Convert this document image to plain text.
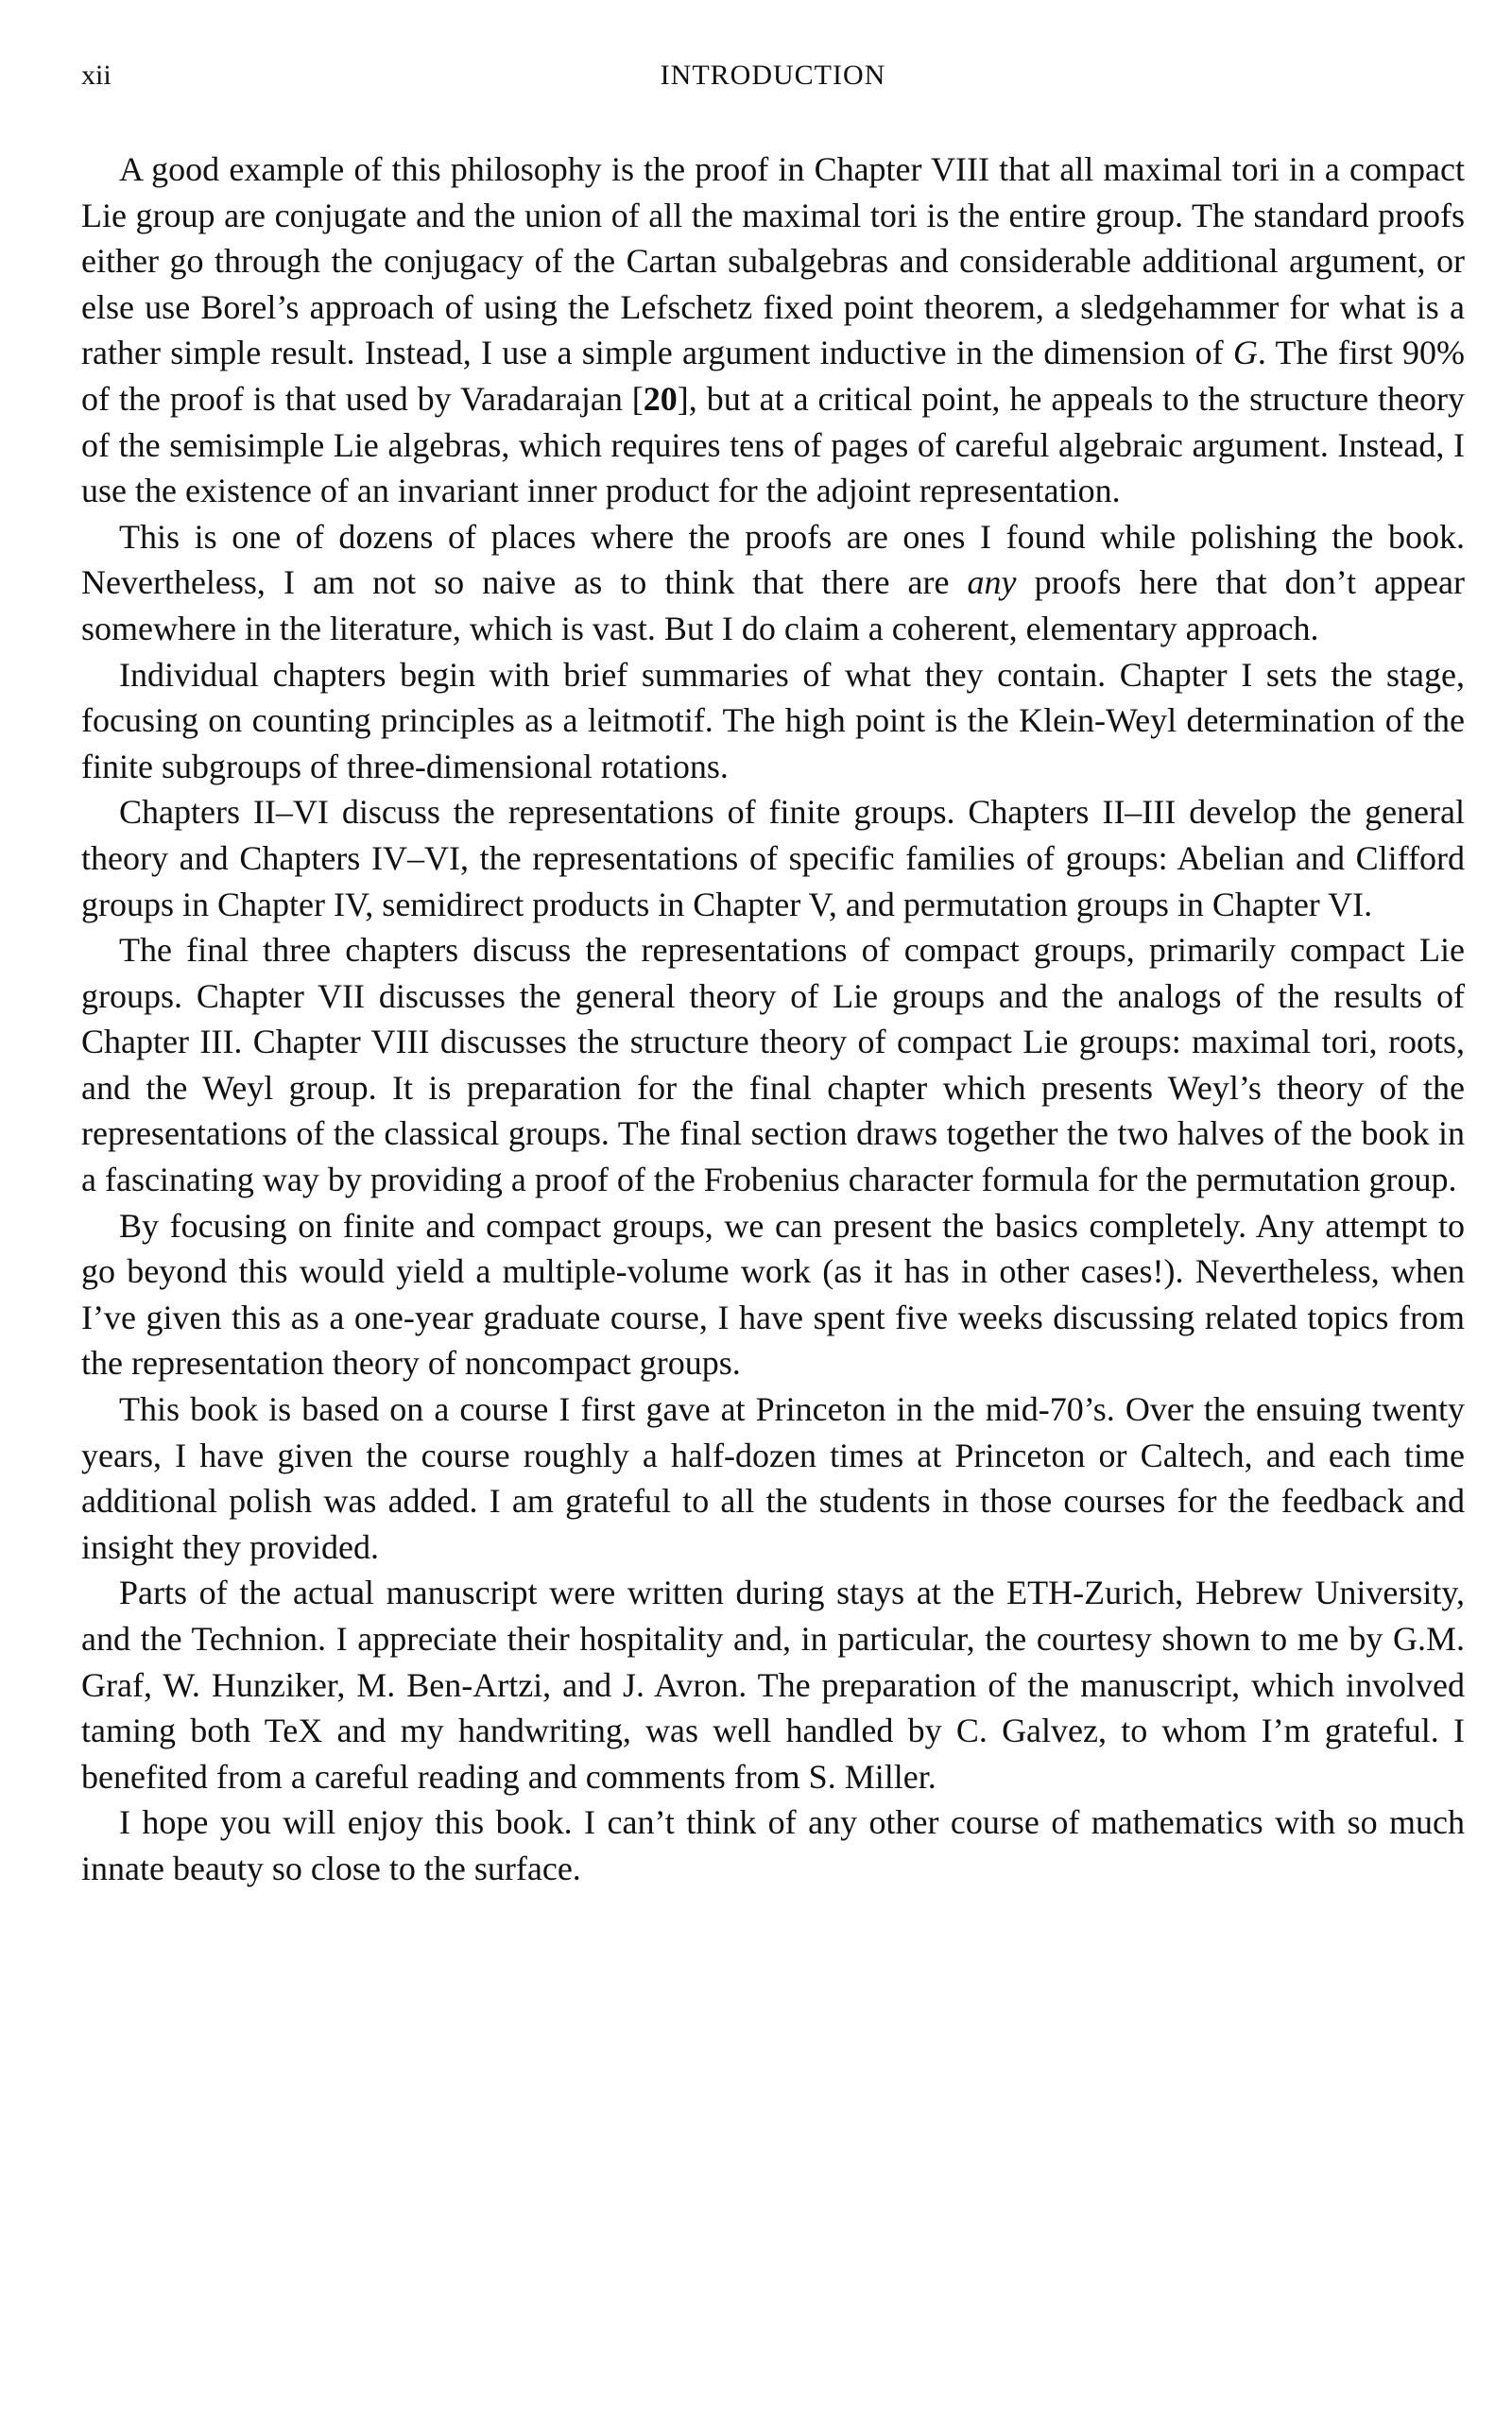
xii	INTRODUCTION

A good example of this philosophy is the proof in Chapter VIII that all maximal tori in a compact Lie group are conjugate and the union of all the maximal tori is the entire group. The standard proofs either go through the conjugacy of the Cartan subalgebras and considerable additional argument, or else use Borel’s approach of using the Lefschetz fixed point theorem, a sledgehammer for what is a rather simple result. Instead, I use a simple argument inductive in the dimension of G. The first 90% of the proof is that used by Varadarajan [20], but at a critical point, he appeals to the structure theory of the semisimple Lie algebras, which requires tens of pages of careful algebraic argument. Instead, I use the existence of an invariant inner product for the adjoint representation.

This is one of dozens of places where the proofs are ones I found while polishing the book. Nevertheless, I am not so naive as to think that there are any proofs here that don’t appear somewhere in the literature, which is vast. But I do claim a coherent, elementary approach.

Individual chapters begin with brief summaries of what they contain. Chapter I sets the stage, focusing on counting principles as a leitmotif. The high point is the Klein-Weyl determination of the finite subgroups of three-dimensional rotations.

Chapters II–VI discuss the representations of finite groups. Chapters II–III develop the general theory and Chapters IV–VI, the representations of specific families of groups: Abelian and Clifford groups in Chapter IV, semidirect products in Chapter V, and permutation groups in Chapter VI.

The final three chapters discuss the representations of compact groups, primarily compact Lie groups. Chapter VII discusses the general theory of Lie groups and the analogs of the results of Chapter III. Chapter VIII discusses the structure theory of compact Lie groups: maximal tori, roots, and the Weyl group. It is preparation for the final chapter which presents Weyl’s theory of the representations of the classical groups. The final section draws together the two halves of the book in a fascinating way by providing a proof of the Frobenius character formula for the permutation group.

By focusing on finite and compact groups, we can present the basics completely. Any attempt to go beyond this would yield a multiple-volume work (as it has in other cases!). Nevertheless, when I’ve given this as a one-year graduate course, I have spent five weeks discussing related topics from the representation theory of noncompact groups.

This book is based on a course I first gave at Princeton in the mid-70’s. Over the ensuing twenty years, I have given the course roughly a half-dozen times at Princeton or Caltech, and each time additional polish was added. I am grateful to all the students in those courses for the feedback and insight they provided.

Parts of the actual manuscript were written during stays at the ETH-Zurich, Hebrew University, and the Technion. I appreciate their hospitality and, in particular, the courtesy shown to me by G.M. Graf, W. Hunziker, M. Ben-Artzi, and J. Avron. The preparation of the manuscript, which involved taming both TeX and my handwriting, was well handled by C. Galvez, to whom I’m grateful. I benefited from a careful reading and comments from S. Miller.

I hope you will enjoy this book. I can’t think of any other course of mathematics with so much innate beauty so close to the surface.
